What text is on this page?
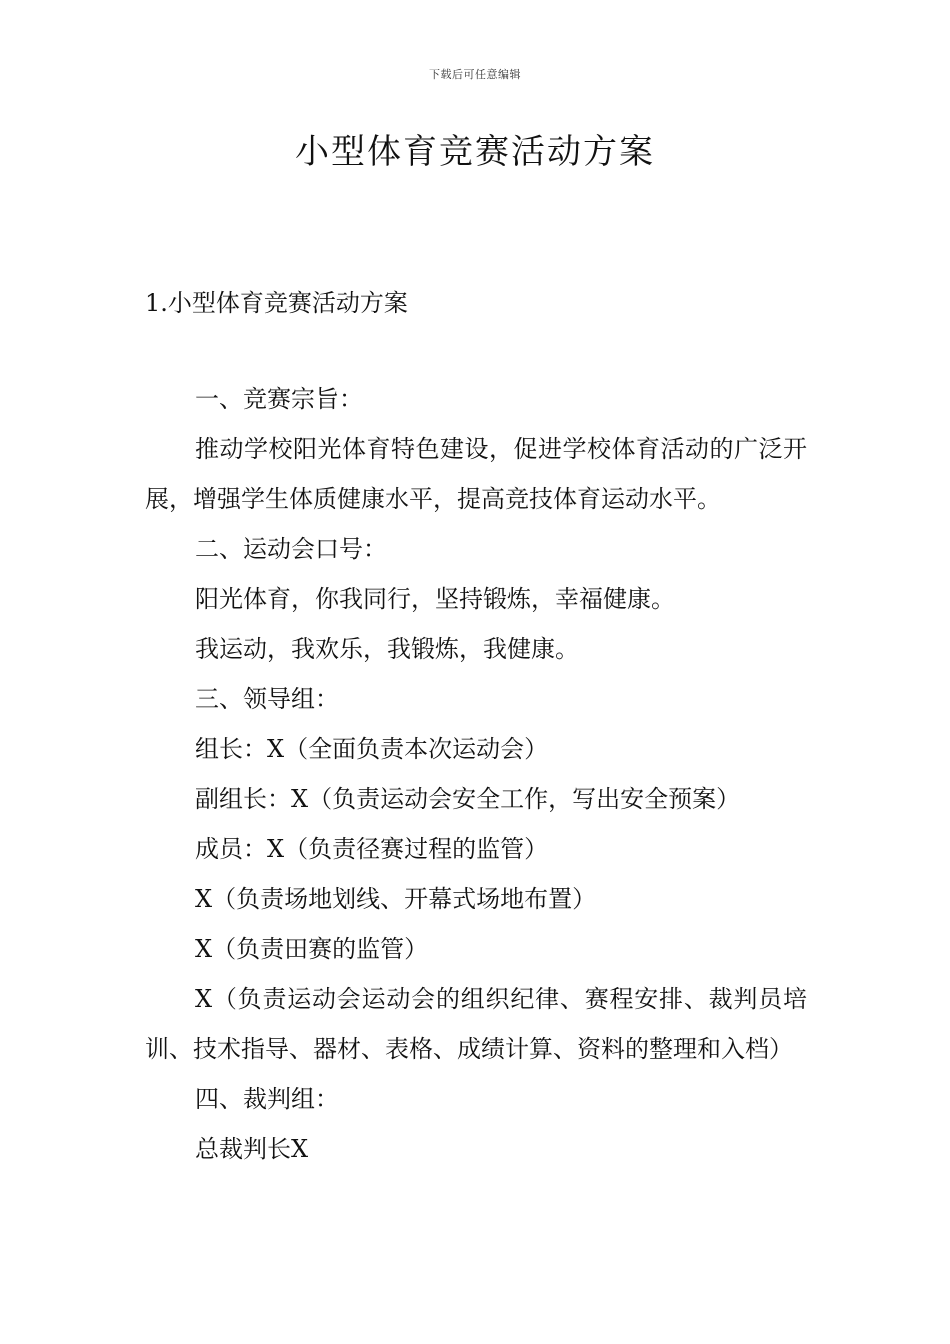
下载后可任意编辑
小型体育竞赛活动方案
1.小型体育竞赛活动方案

一、竞赛宗旨：

推动学校阳光体育特色建设，促进学校体育活动的广泛开展，增强学生体质健康水平，提高竞技体育运动水平。

二、运动会口号：

阳光体育，你我同行，坚持锻炼，幸福健康。

我运动，我欢乐，我锻炼，我健康。

三、领导组：

组长：X（全面负责本次运动会）

副组长：X（负责运动会安全工作，写出安全预案）

成员：X（负责径赛过程的监管）

X（负责场地划线、开幕式场地布置）

X（负责田赛的监管）

X（负责运动会运动会的组织纪律、赛程安排、裁判员培训、技术指导、器材、表格、成绩计算、资料的整理和入档）

四、裁判组：

总裁判长X
